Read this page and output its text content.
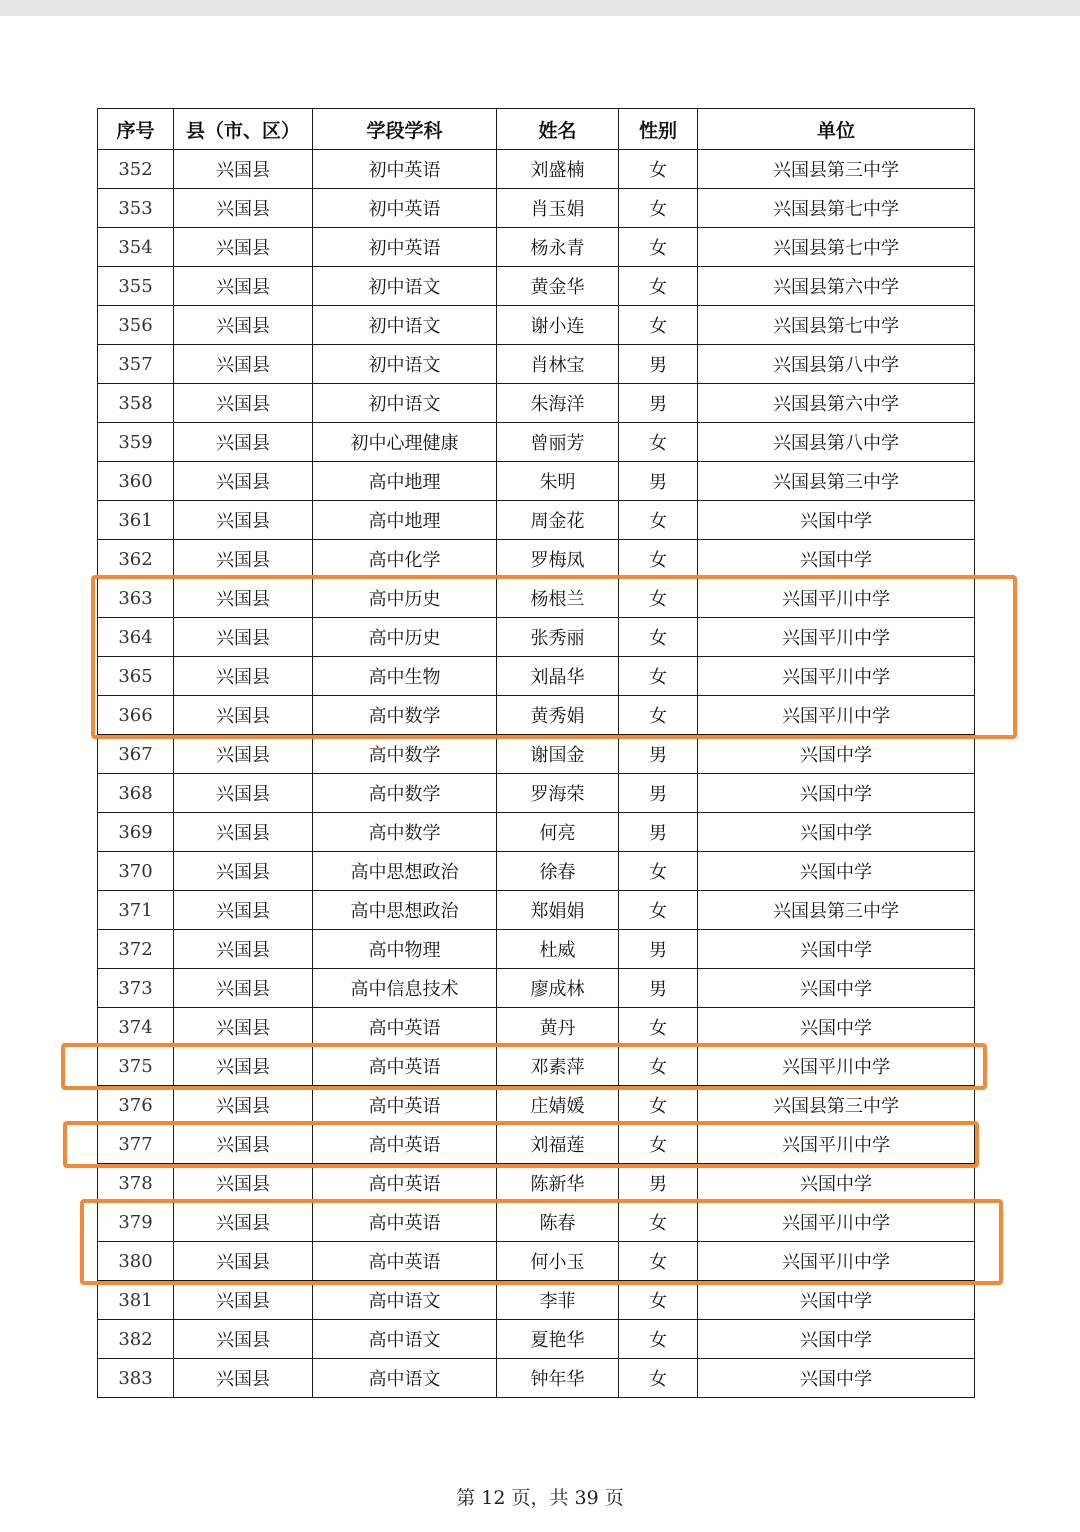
序号	县（市、区）	学段学科	姓名	性别	单位
352	兴国县	初中英语	刘盛楠	女	兴国县第三中学
353	兴国县	初中英语	肖玉娟	女	兴国县第七中学
354	兴国县	初中英语	杨永青	女	兴国县第七中学
355	兴国县	初中语文	黄金华	女	兴国县第六中学
356	兴国县	初中语文	谢小连	女	兴国县第七中学
357	兴国县	初中语文	肖林宝	男	兴国县第八中学
358	兴国县	初中语文	朱海洋	男	兴国县第六中学
359	兴国县	初中心理健康	曾丽芳	女	兴国县第八中学
360	兴国县	高中地理	朱明	男	兴国县第三中学
361	兴国县	高中地理	周金花	女	兴国中学
362	兴国县	高中化学	罗梅凤	女	兴国中学
363	兴国县	高中历史	杨根兰	女	兴国平川中学
364	兴国县	高中历史	张秀丽	女	兴国平川中学
365	兴国县	高中生物	刘晶华	女	兴国平川中学
366	兴国县	高中数学	黄秀娟	女	兴国平川中学
367	兴国县	高中数学	谢国金	男	兴国中学
368	兴国县	高中数学	罗海荣	男	兴国中学
369	兴国县	高中数学	何亮	男	兴国中学
370	兴国县	高中思想政治	徐春	女	兴国中学
371	兴国县	高中思想政治	郑娟娟	女	兴国县第三中学
372	兴国县	高中物理	杜威	男	兴国中学
373	兴国县	高中信息技术	廖成林	男	兴国中学
374	兴国县	高中英语	黄丹	女	兴国中学
375	兴国县	高中英语	邓素萍	女	兴国平川中学
376	兴国县	高中英语	庄婧媛	女	兴国县第三中学
377	兴国县	高中英语	刘福莲	女	兴国平川中学
378	兴国县	高中英语	陈新华	男	兴国中学
379	兴国县	高中英语	陈春	女	兴国平川中学
380	兴国县	高中英语	何小玉	女	兴国平川中学
381	兴国县	高中语文	李菲	女	兴国中学
382	兴国县	高中语文	夏艳华	女	兴国中学
383	兴国县	高中语文	钟年华	女	兴国中学
第 12 页，共 39 页
